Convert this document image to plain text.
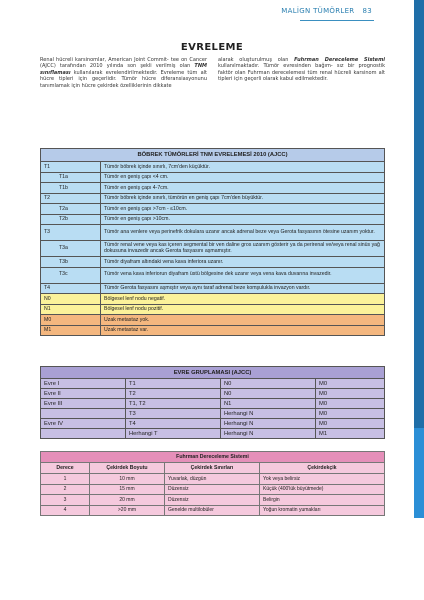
MALİGN TÜMÖRLER 83
EVRELEME
Renal hücreli karsinomlar, American Joint Commit- tee on Cancer (AJCC) tarafından 2010 yılında son şekli verilmiş olan TNM sınıflaması kullanılarak evrelendirilmektedir. Evreleme tüm alt hücre tipleri için geçerlidir. Tümör hücre diferansiasyonunu tanımlamak için hücre çekirdek özelliklerinin dikkate
alarak oluşturulmuş olan Fuhrman Dereceleme Sistemi kullanılmaktadır. Tümör evresinden bağım- sız bir prognostik faktör olan Fuhrman derecelemesi tüm renal hücreli karsinom alt tipleri için geçerli olarak kabul edilmektedir.
BÖBREK TÜMÖRLERİ TNM EVRELEMESİ 2010 (AJCC)	
T1	Tümör böbrek içinde sınırlı, 7cm'den küçüktür.
T1a	Tümör en geniş çapı <4 cm.
T1b	Tümör en geniş çapı 4-7cm.
T2	Tümör böbrek içinde sınırlı, tümörün en geniş çapı 7cm'den büyüktür.
T2a	Tümör en geniş çapı >7cm - ≤10cm.
T2b	Tümör en geniş çapı >10cm.
T3	Tümör ana venlere veya perinefrik dokulara uzanır ancak adrenal beze veya Gerota fasyasının ötesine uzanım yoktur.
T3a	Tümör renal vene veya kas içeren segmental bir ven daline gros uzanım gösterir ya da perirenal ve/veya renal sinüs yağ dokusuna invazedir ancak Gerota fasyasını aşmamıştır.
T3b	Tümör diyafram altındaki vena kava inferiora uzanır.
T3c	Tümör vena kava inferiorun diyafram üstü bölgesine dek uzanır veya vena kava duvarına invazedir.
T4	Tümör Gerota fasyasını aşmıştır veya aynı taraf adrenal beze komşulukla invazyon vardır.
N0	Bölgesel lenf nodu negatif.
N1	Bölgesel lenf nodu pozitif.
M0	Uzak metastaz yok.
M1	Uzak metastaz var.
EVRE GRUPLAMASI (AJCC)			
Evre I	T1	N0	M0
Evre II	T2	N0	M0
Evre III	T1, T2	N1	M0
	T3	Herhangi N	M0
Evre IV	T4	Herhangi N	M0
	Herhangi T	Herhangi N	M1
Fuhrman Dereceleme Sistemi			
Derece	Çekirdek Boyutu	Çekirdek Sınırları	Çekirdekçik
1	10 mm	Yuvarlak, düzgün	Yok veya belirsiz
2	15 mm	Düzensiz	Küçük (400'lük büyütmede)
3	20 mm	Düzensiz	Belirgin
4	>20 mm	Genelde multilobüler	Yoğun kromatin yumakları
